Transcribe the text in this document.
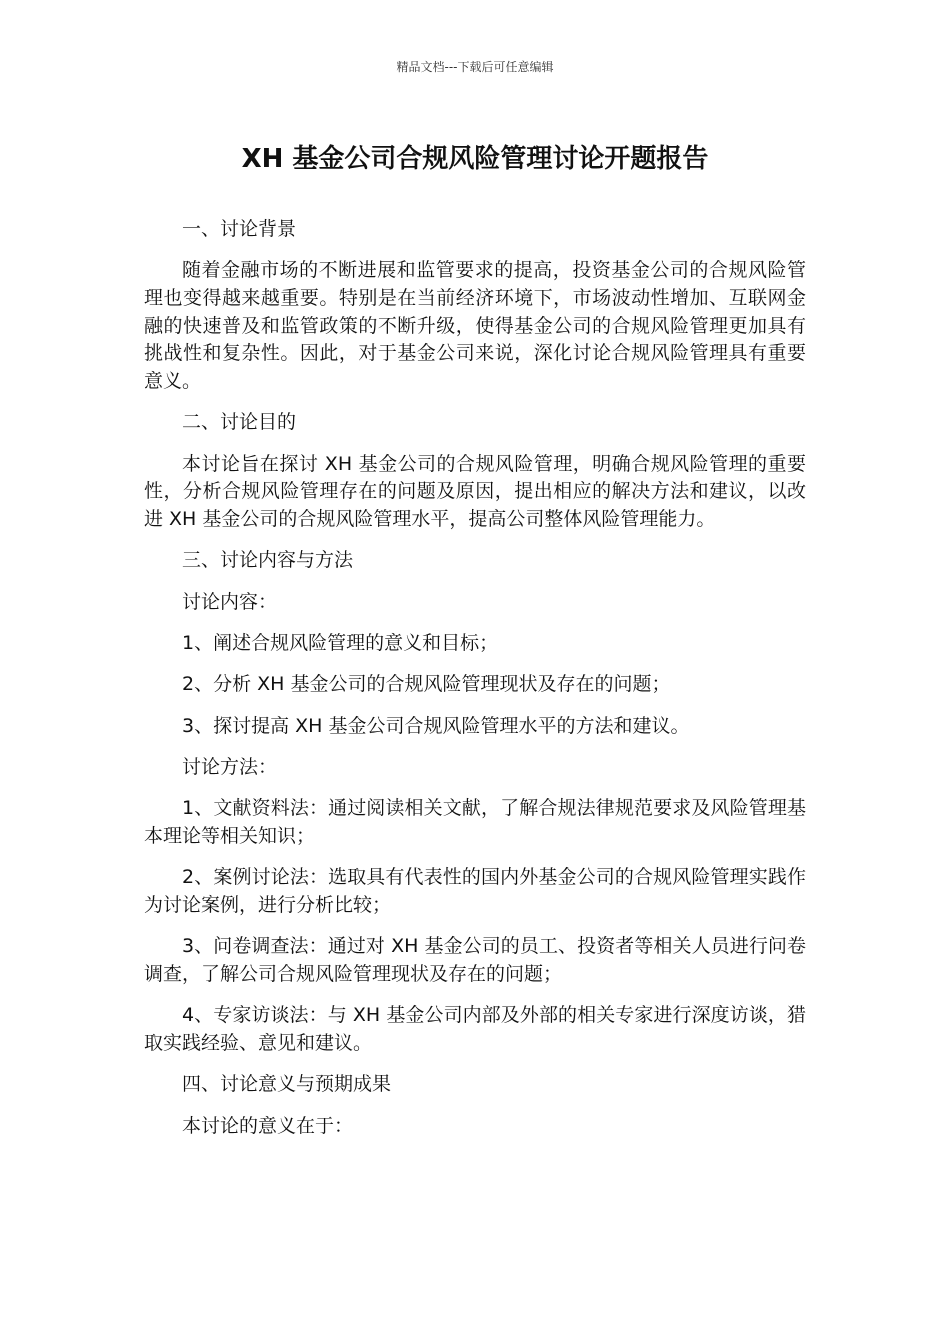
精品文档---下载后可任意编辑
XH 基金公司合规风险管理讨论开题报告

一、讨论背景

随着金融市场的不断进展和监管要求的提高，投资基金公司的合规风险管理也变得越来越重要。特别是在当前经济环境下，市场波动性增加、互联网金融的快速普及和监管政策的不断升级，使得基金公司的合规风险管理更加具有挑战性和复杂性。因此，对于基金公司来说，深化讨论合规风险管理具有重要意义。

二、讨论目的

本讨论旨在探讨 XH 基金公司的合规风险管理，明确合规风险管理的重要性，分析合规风险管理存在的问题及原因，提出相应的解决方法和建议，以改进 XH 基金公司的合规风险管理水平，提高公司整体风险管理能力。

三、讨论内容与方法

讨论内容：

1、阐述合规风险管理的意义和目标；

2、分析 XH 基金公司的合规风险管理现状及存在的问题；

3、探讨提高 XH 基金公司合规风险管理水平的方法和建议。

讨论方法：

1、文献资料法：通过阅读相关文献，了解合规法律规范要求及风险管理基本理论等相关知识；

2、案例讨论法：选取具有代表性的国内外基金公司的合规风险管理实践作为讨论案例，进行分析比较；

3、问卷调查法：通过对 XH 基金公司的员工、投资者等相关人员进行问卷调查，了解公司合规风险管理现状及存在的问题；

4、专家访谈法：与 XH 基金公司内部及外部的相关专家进行深度访谈，猎取实践经验、意见和建议。

四、讨论意义与预期成果

本讨论的意义在于：
